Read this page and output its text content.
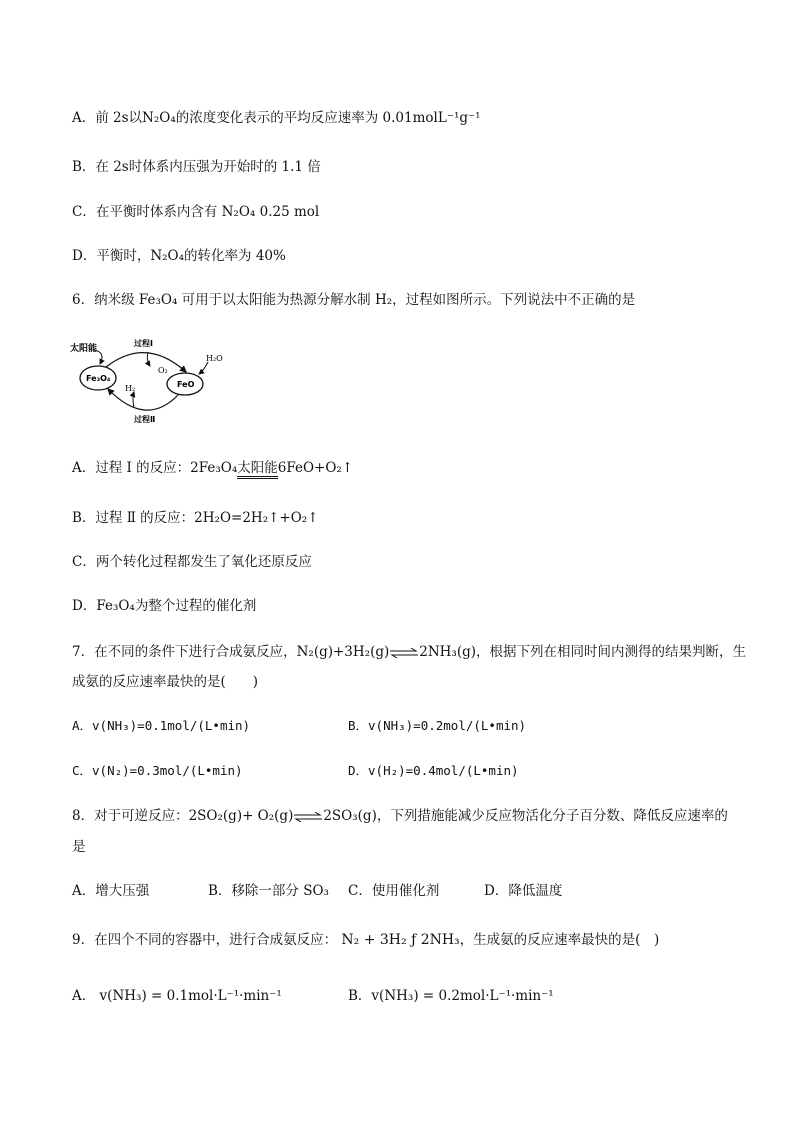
A．前 2s以N₂O₄的浓度变化表示的平均反应速率为 0.01molL⁻¹g⁻¹
B．在 2s时体系内压强为开始时的 1.1 倍
C．在平衡时体系内含有 N₂O₄ 0.25 mol
D．平衡时，N₂O₄的转化率为 40%
6．纳米级 Fe₃O₄ 可用于以太阳能为热源分解水制 H₂，过程如图所示。下列说法中不正确的是
太阳能
过程Ⅰ
O₂
H₂O
Fe₃O₄
FeO
H₂
过程Ⅱ
A．过程 Ⅰ 的反应：2Fe₃O₄太阳能6FeO+O₂↑
B．过程 Ⅱ 的反应：2H₂O=2H₂↑+O₂↑
C．两个转化过程都发生了氧化还原反应
D．Fe₃O₄为整个过程的催化剂
7．在不同的条件下进行合成氨反应，N₂(g)+3H₂(g)⇌2NH₃(g)，根据下列在相同时间内测得的结果判断，生
成氨的反应速率最快的是(　　)
A．v(NH₃)=0.1mol/(L•min)	B．v(NH₃)=0.2mol/(L•min)
C．v(N₂)=0.3mol/(L•min)	D．v(H₂)=0.4mol/(L•min)
8．对于可逆反应：2SO₂(g)+ O₂(g)⇌2SO₃(g)，下列措施能减少反应物活化分子百分数、降低反应速率的
是
A．增大压强	B．移除一部分 SO₃ C．使用催化剂	D．降低温度
9．在四个不同的容器中，进行合成氨反应： N₂ + 3H₂ ƒ 2NH₃，生成氨的反应速率最快的是(　)
A． v(NH₃) = 0.1mol·L⁻¹·min⁻¹	B．v(NH₃) = 0.2mol·L⁻¹·min⁻¹
